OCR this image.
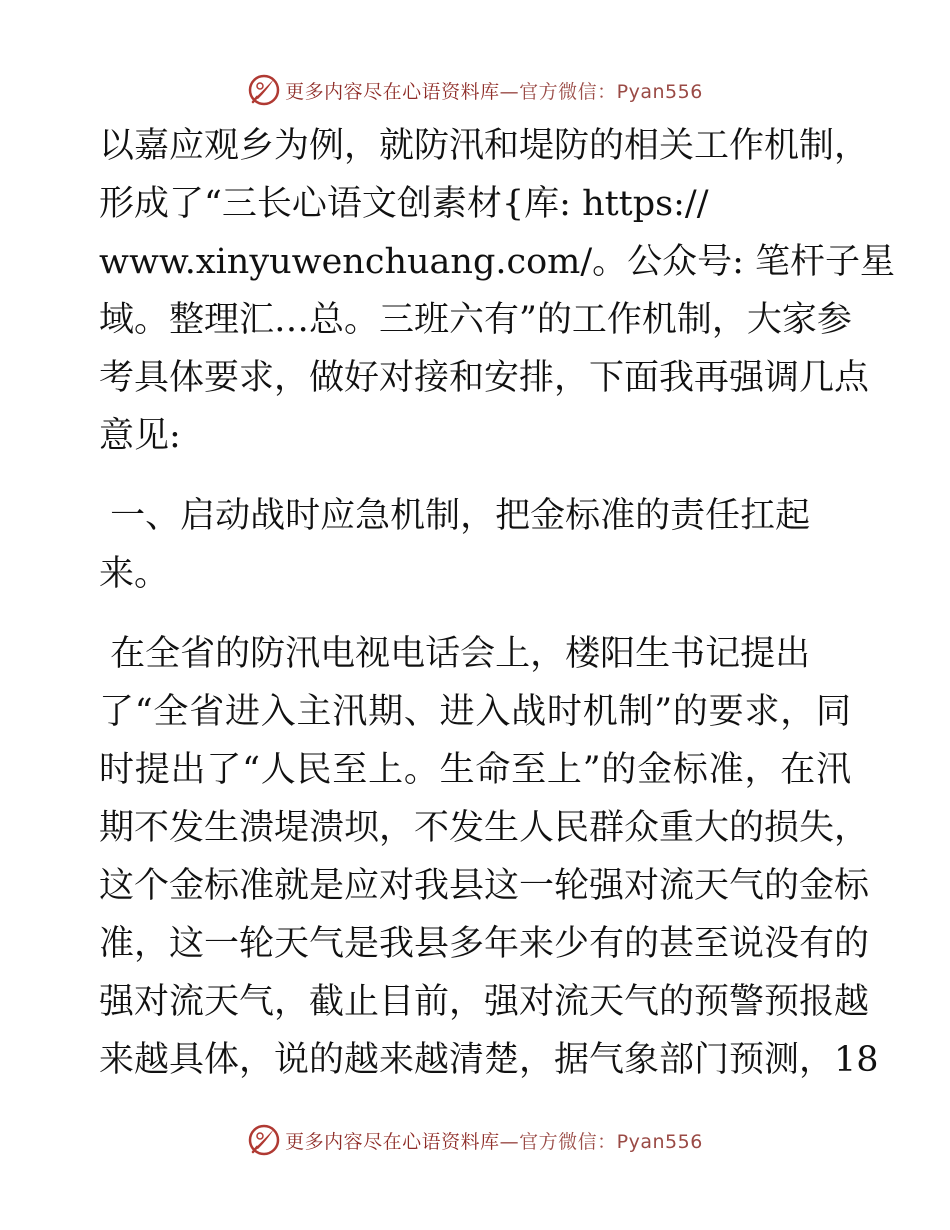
更多内容尽在心语资料库—官方微信：Pyan556
以嘉应观乡为例，就防汛和堤防的相关工作机制，
形成了“三长心语文创素材{库: https://
www.xinyuwenchuang.com/。公众号: 笔杆子星
域。整理汇…总。三班六有”的工作机制，大家参
考具体要求，做好对接和安排，下面我再强调几点
意见:
一、启动战时应急机制，把金标准的责任扛起
来。
在全省的防汛电视电话会上，楼阳生书记提出
了“全省进入主汛期、进入战时机制”的要求，同
时提出了“人民至上。生命至上”的金标准，在汛
期不发生溃堤溃坝，不发生人民群众重大的损失，
这个金标准就是应对我县这一轮强对流天气的金标
准，这一轮天气是我县多年来少有的甚至说没有的
强对流天气，截止目前，强对流天气的预警预报越
来越具体，说的越来越清楚，据气象部门预测，18
更多内容尽在心语资料库—官方微信：Pyan556
